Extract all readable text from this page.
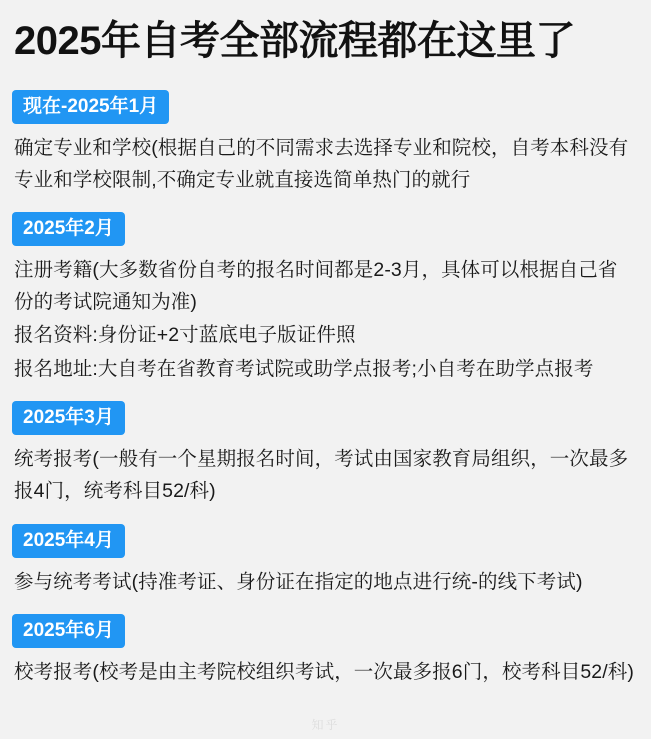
2025年自考全部流程都在这里了
现在-2025年1月

确定专业和学校(根据自己的不同需求去选择专业和院校，自考本科没有专业和学校限制,不确定专业就直接选简单热门的就行

2025年2月

注册考籍(大多数省份自考的报名时间都是2-3月，具体可以根据自己省份的考试院通知为准)

报名资料:身份证+2寸蓝底电子版证件照

报名地址:大自考在省教育考试院或助学点报考;小自考在助学点报考

2025年3月

统考报考(一般有一个星期报名时间，考试由国家教育局组织，一次最多报4门，统考科目52/科)

2025年4月

参与统考考试(持准考证、身份证在指定的地点进行统-的线下考试)

2025年6月

校考报考(校考是由主考院校组织考试，一次最多报6门，校考科目52/科)

知乎
